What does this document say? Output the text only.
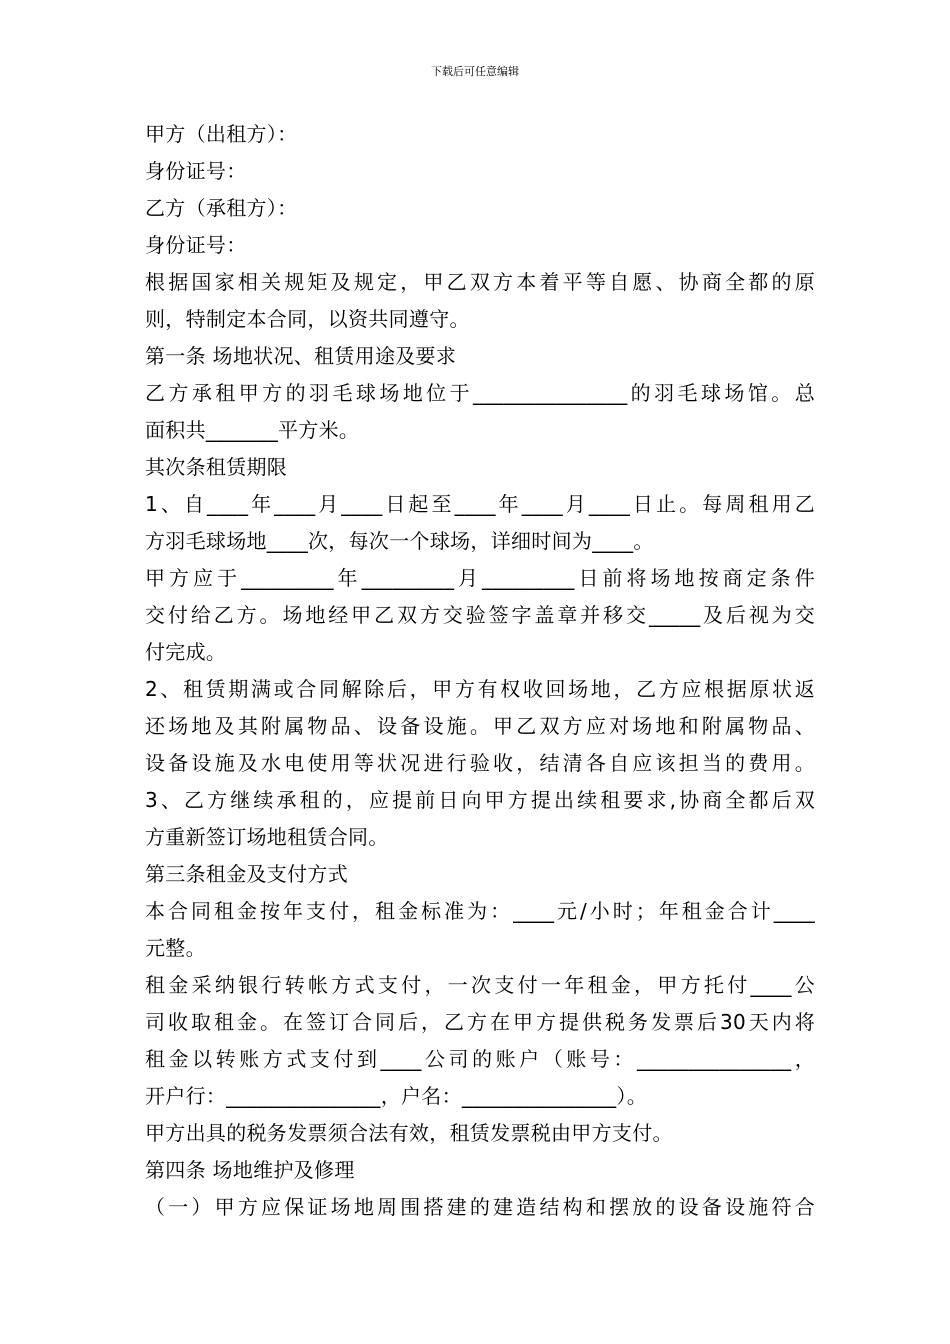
下载后可任意编辑
甲方（出租方）：
身份证号：
乙方（承租方）：
身份证号：
根据国家相关规矩及规定，甲乙双方本着平等自愿、协商全都的原
则，特制定本合同，以资共同遵守。
第一条 场地状况、租赁用途及要求
乙方承租甲方的羽毛球场地位于_______________的羽毛球场馆。总
面积共_______平方米。
其次条租赁期限
1、自____年____月____日起至____年____月____日止。每周租用乙
方羽毛球场地____次，每次一个球场，详细时间为____。
甲方应于_________年_________月_________日前将场地按商定条件
交付给乙方。场地经甲乙双方交验签字盖章并移交_____及后视为交
付完成。
2、租赁期满或合同解除后，甲方有权收回场地，乙方应根据原状返
还场地及其附属物品、设备设施。甲乙双方应对场地和附属物品、
设备设施及水电使用等状况进行验收，结清各自应该担当的费用。
3、乙方继续承租的，应提前日向甲方提出续租要求,协商全都后双
方重新签订场地租赁合同。
第三条租金及支付方式
本合同租金按年支付，租金标准为：____元/小时；年租金合计____
元整。
租金采纳银行转帐方式支付，一次支付一年租金，甲方托付____公
司收取租金。在签订合同后，乙方在甲方提供税务发票后30天内将
租金以转账方式支付到____公司的账户（账号：_______________，
开户行：_______________，户名：_______________）。
甲方出具的税务发票须合法有效，租赁发票税由甲方支付。
第四条 场地维护及修理
（一）甲方应保证场地周围搭建的建造结构和摆放的设备设施符合
